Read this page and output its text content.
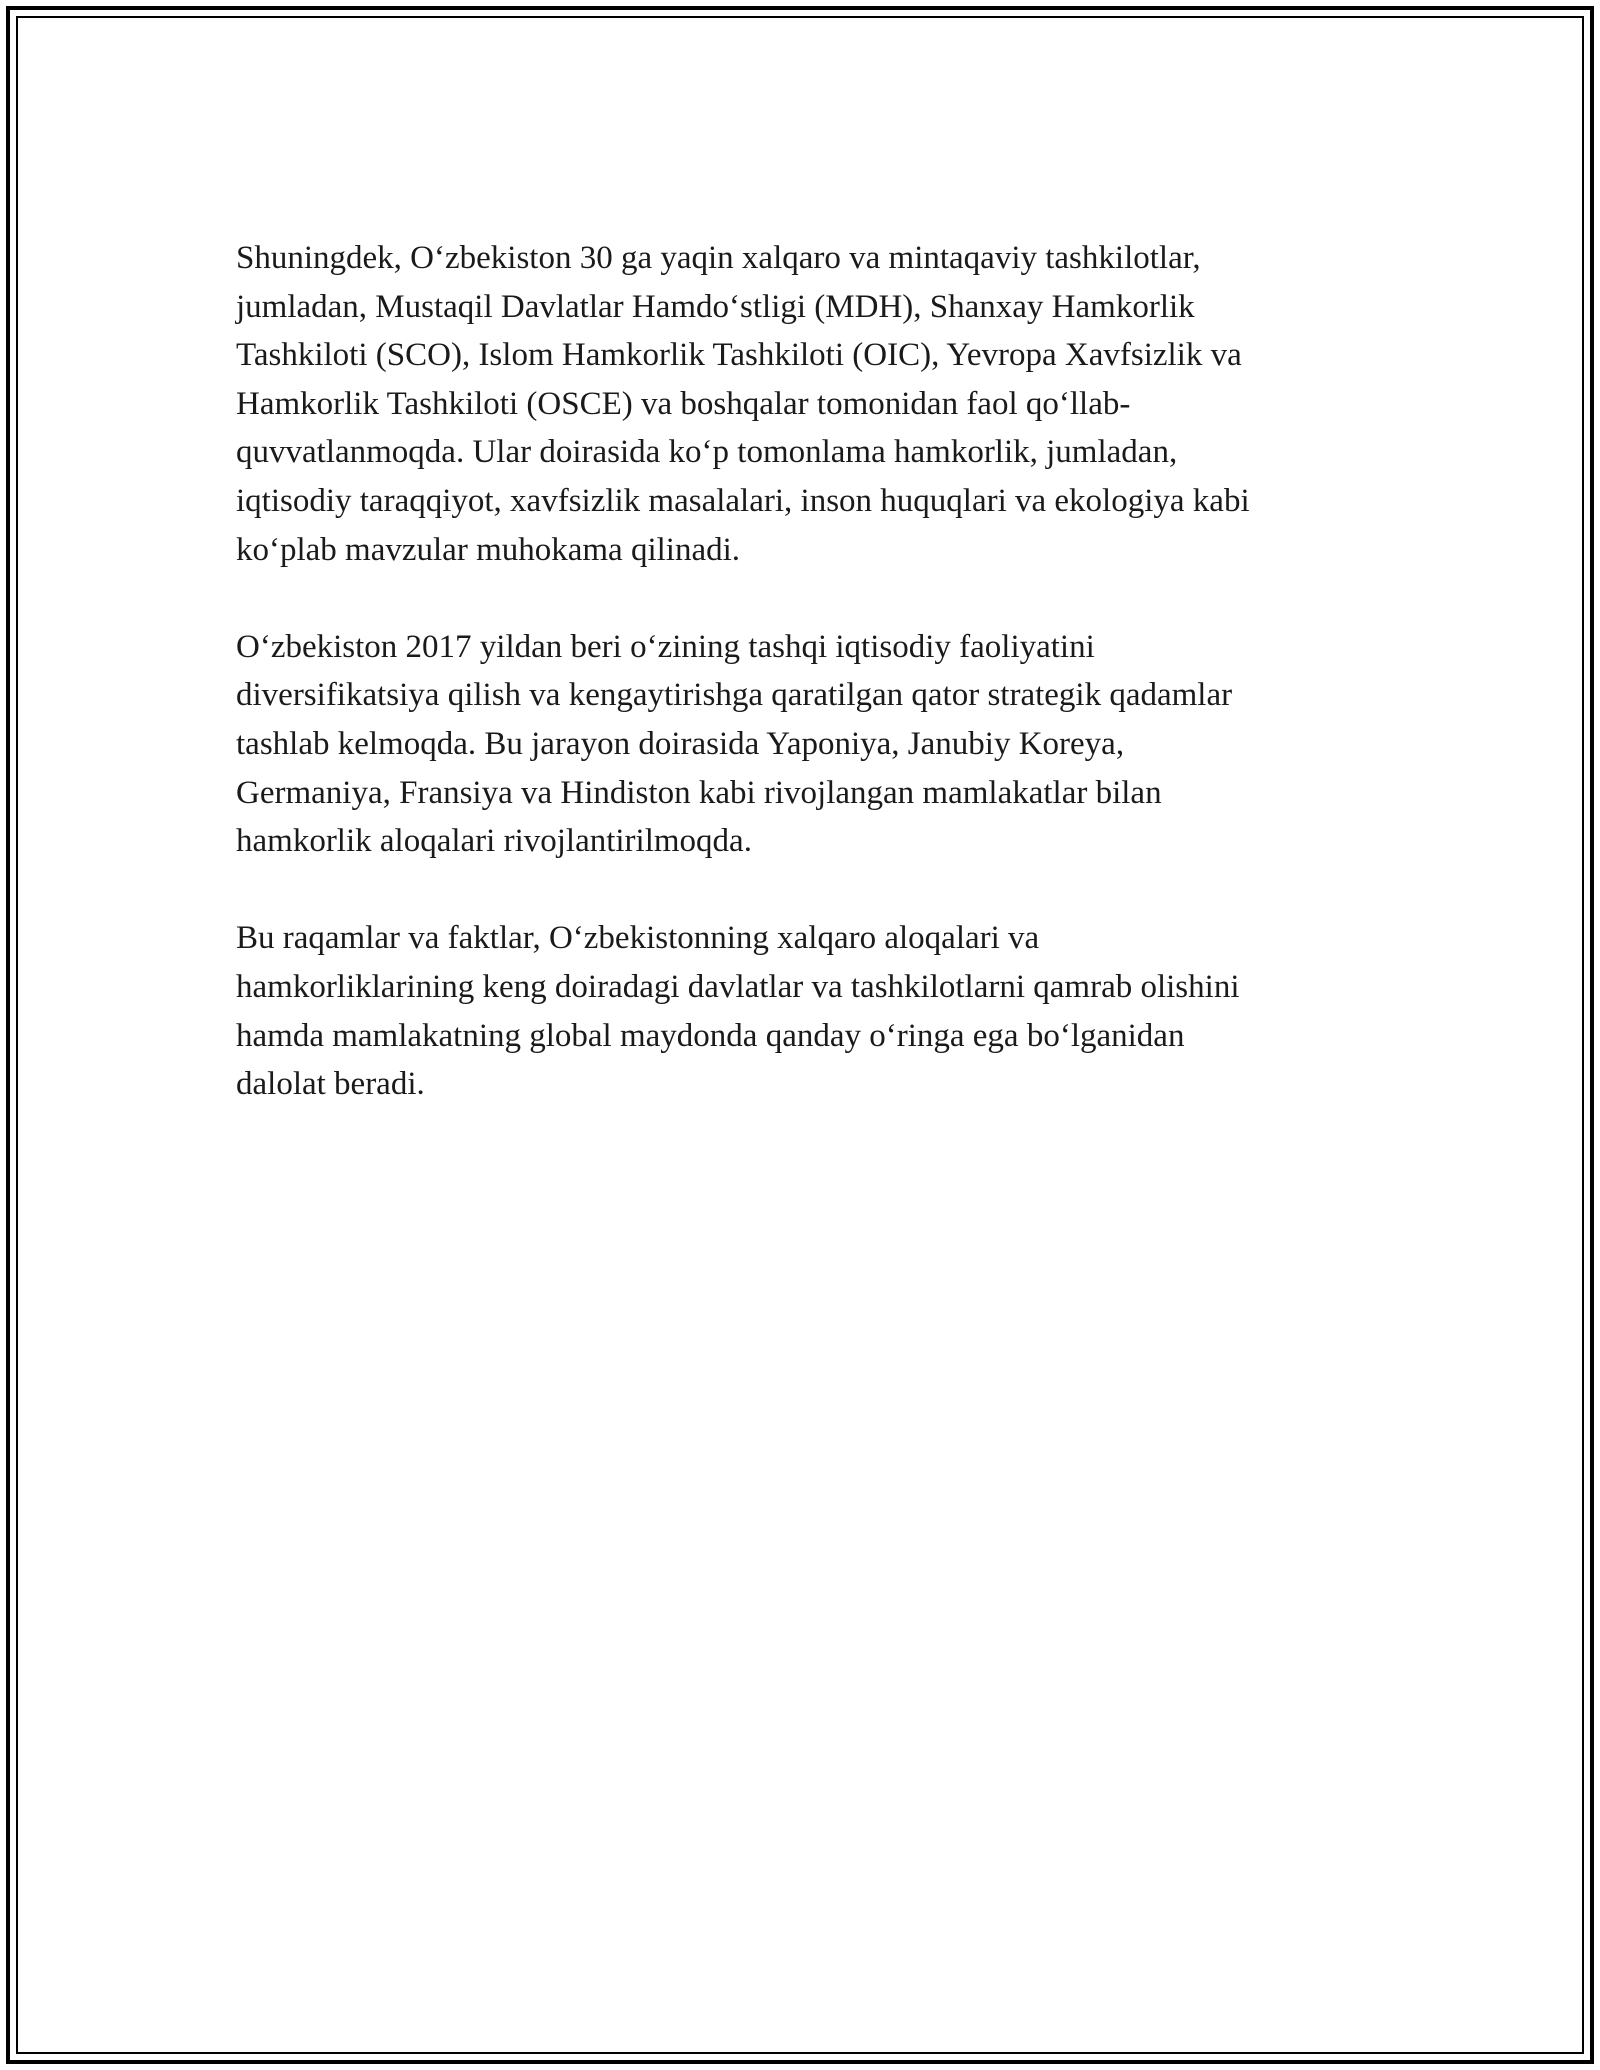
Shuningdek, O‘zbekiston 30 ga yaqin xalqaro va mintaqaviy tashkilotlar,
jumladan, Mustaqil Davlatlar Hamdo‘stligi (MDH), Shanxay Hamkorlik
Tashkiloti (SCO), Islom Hamkorlik Tashkiloti (OIC), Yevropa Xavfsizlik va
Hamkorlik Tashkiloti (OSCE) va boshqalar tomonidan faol qo‘llab-
quvvatlanmoqda. Ular doirasida ko‘p tomonlama hamkorlik, jumladan,
iqtisodiy taraqqiyot, xavfsizlik masalalari, inson huquqlari va ekologiya kabi
ko‘plab mavzular muhokama qilinadi.

O‘zbekiston 2017 yildan beri o‘zining tashqi iqtisodiy faoliyatini
diversifikatsiya qilish va kengaytirishga qaratilgan qator strategik qadamlar
tashlab kelmoqda. Bu jarayon doirasida Yaponiya, Janubiy Koreya,
Germaniya, Fransiya va Hindiston kabi rivojlangan mamlakatlar bilan
hamkorlik aloqalari rivojlantirilmoqda.

Bu raqamlar va faktlar, O‘zbekistonning xalqaro aloqalari va
hamkorliklarining keng doiradagi davlatlar va tashkilotlarni qamrab olishini
hamda mamlakatning global maydonda qanday o‘ringa ega bo‘lganidan
dalolat beradi.
